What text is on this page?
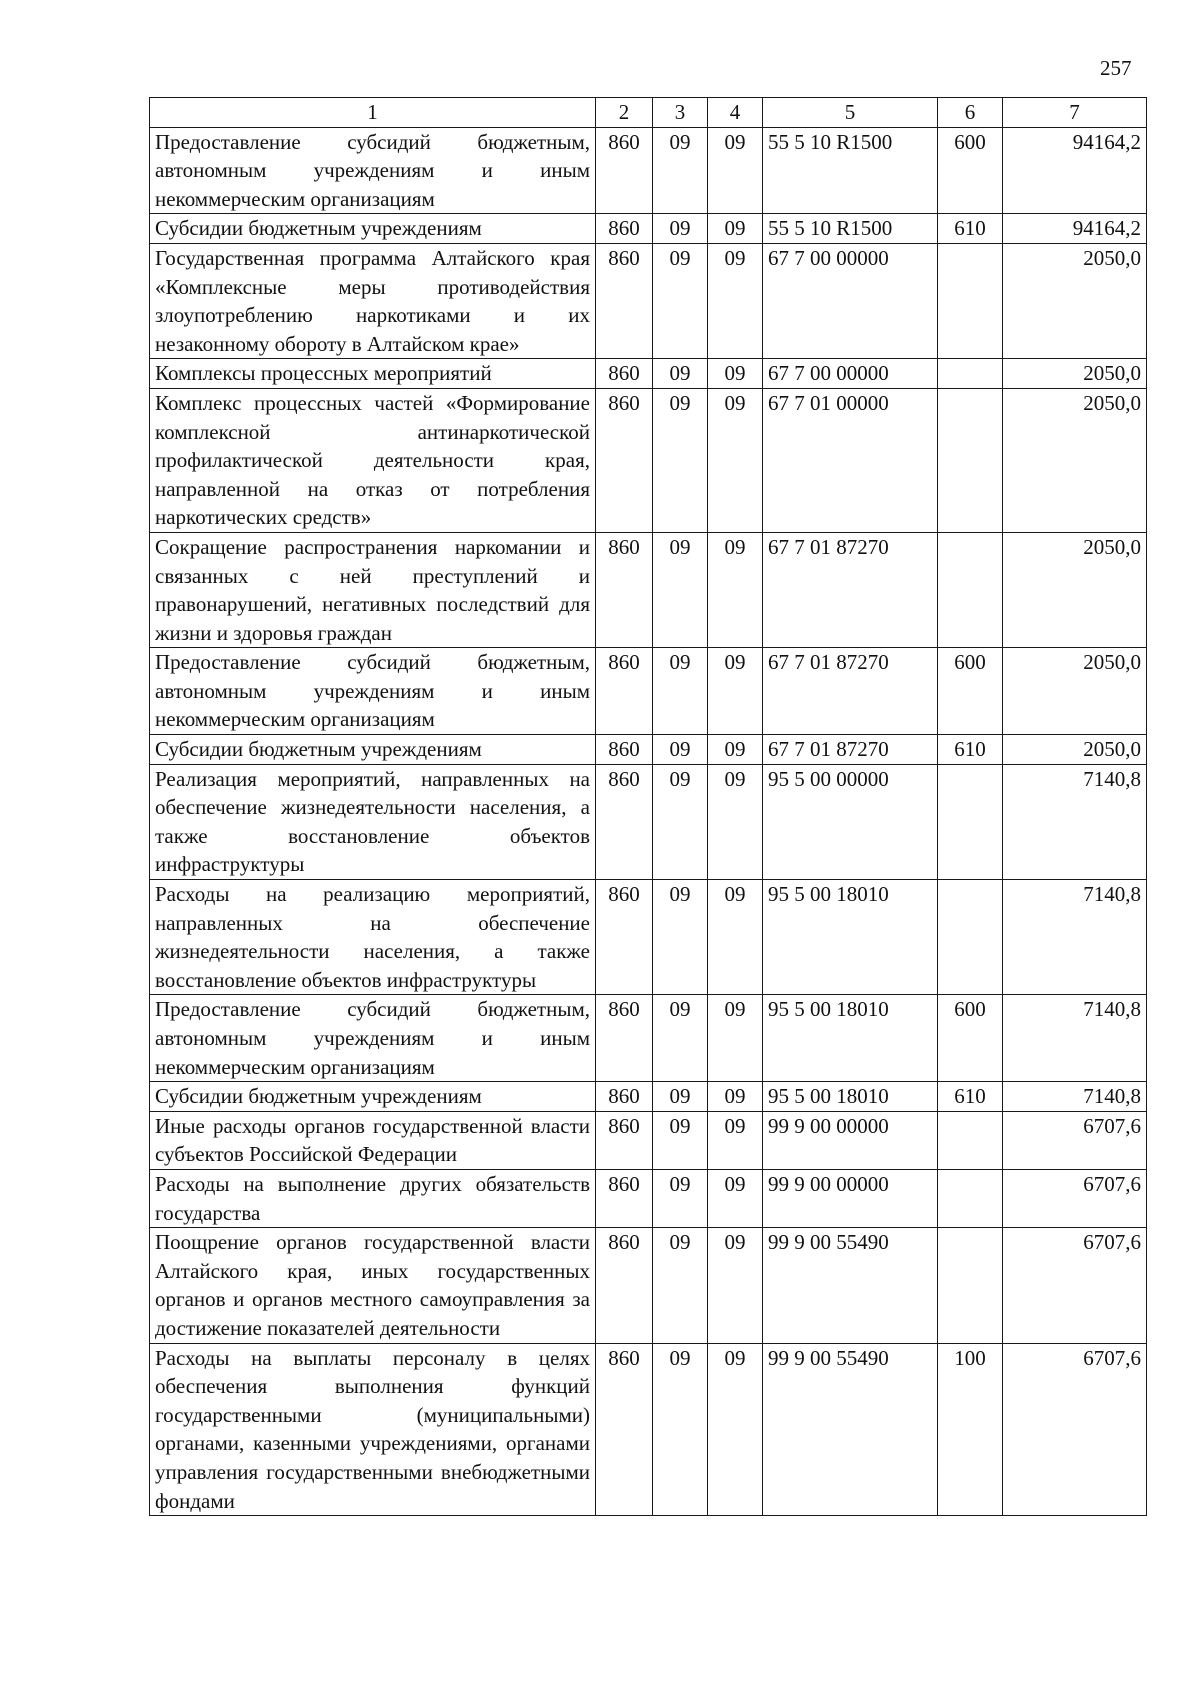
257
1	2	3	4	5	6	7
Предоставление субсидий бюджетным, автономным учреждениям и иным некоммерческим организациям	860	09	09	55 5 10 R1500	600	94164,2
Субсидии бюджетным учреждениям	860	09	09	55 5 10 R1500	610	94164,2
Государственная программа Алтайского края «Комплексные меры противодействия злоупотреблению наркотиками и их незаконному обороту в Алтайском крае»	860	09	09	67 7 00 00000		2050,0
Комплексы процессных мероприятий	860	09	09	67 7 00 00000		2050,0
Комплекс процессных частей «Формирование комплексной антинаркотической профилактической деятельности края, направленной на отказ от потребления наркотических средств»	860	09	09	67 7 01 00000		2050,0
Сокращение распространения наркомании и связанных с ней преступлений и правонарушений, негативных последствий для жизни и здоровья граждан	860	09	09	67 7 01 87270		2050,0
Предоставление субсидий бюджетным, автономным учреждениям и иным некоммерческим организациям	860	09	09	67 7 01 87270	600	2050,0
Субсидии бюджетным учреждениям	860	09	09	67 7 01 87270	610	2050,0
Реализация мероприятий, направленных на обеспечение жизнедеятельности населения, а также восстановление объектов инфраструктуры	860	09	09	95 5 00 00000		7140,8
Расходы на реализацию мероприятий, направленных на обеспечение жизнедеятельности населения, а также восстановление объектов инфраструктуры	860	09	09	95 5 00 18010		7140,8
Предоставление субсидий бюджетным, автономным учреждениям и иным некоммерческим организациям	860	09	09	95 5 00 18010	600	7140,8
Субсидии бюджетным учреждениям	860	09	09	95 5 00 18010	610	7140,8
Иные расходы органов государственной власти субъектов Российской Федерации	860	09	09	99 9 00 00000		6707,6
Расходы на выполнение других обязательств государства	860	09	09	99 9 00 00000		6707,6
Поощрение органов государственной власти Алтайского края, иных государственных органов и органов местного самоуправления за достижение показателей деятельности	860	09	09	99 9 00 55490		6707,6
Расходы на выплаты персоналу в целях обеспечения выполнения функций государственными (муниципальными) органами, казенными учреждениями, органами управления государственными внебюджетными фондами	860	09	09	99 9 00 55490	100	6707,6
